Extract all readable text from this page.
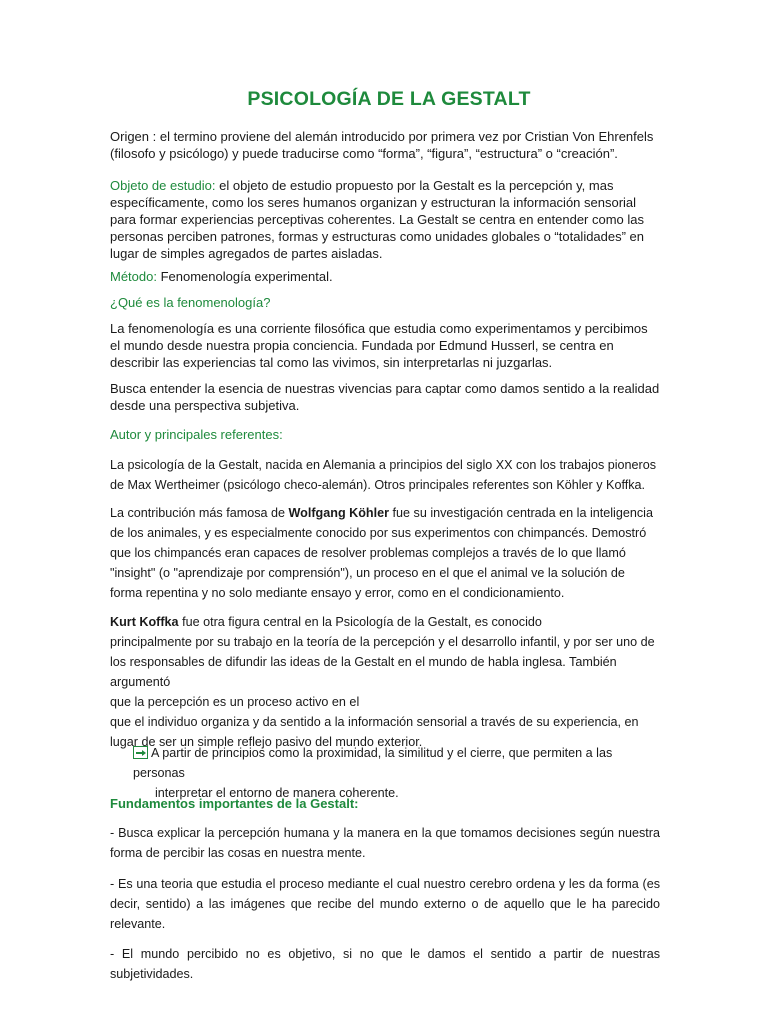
PSICOLOGÍA DE LA GESTALT

Origen : el termino proviene del alemán introducido por primera vez por Cristian Von Ehrenfels (filosofo y psicólogo) y puede traducirse como “forma”, “figura”, “estructura” o “creación”.

Objeto de estudio: el objeto de estudio propuesto por la Gestalt es la percepción y, mas específicamente, como los seres humanos organizan y estructuran la información sensorial para formar experiencias perceptivas coherentes. La Gestalt se centra en entender como las personas perciben patrones, formas y estructuras como unidades globales o “totalidades” en lugar de simples agregados de partes aisladas.

Método: Fenomenología experimental.

¿Qué es la fenomenología?

La fenomenología es una corriente filosófica que estudia como experimentamos y percibimos el mundo desde nuestra propia conciencia. Fundada por Edmund Husserl, se centra en describir las experiencias tal como las vivimos, sin interpretarlas ni juzgarlas.

Busca entender la esencia de nuestras vivencias para captar como damos sentido a la realidad desde una perspectiva subjetiva.

Autor y principales referentes:

La psicología de la Gestalt, nacida en Alemania a principios del siglo XX con los trabajos pioneros de Max Wertheimer (psicólogo checo-alemán). Otros principales referentes son Köhler y Koffka.

La contribución más famosa de Wolfgang Köhler fue su investigación centrada en la inteligencia de los animales, y es especialmente conocido por sus experimentos con chimpancés. Demostró que los chimpancés eran capaces de resolver problemas complejos a través de lo que llamó "insight" (o "aprendizaje por comprensión"), un proceso en el que el animal ve la solución de forma repentina y no solo mediante ensayo y error, como en el condicionamiento.

Kurt Koffka fue otra figura central en la Psicología de la Gestalt, es conocido
principalmente por su trabajo en la teoría de la percepción y el desarrollo infantil, y por ser uno de los responsables de difundir las ideas de la Gestalt en el mundo de habla inglesa. También argumentó
que la percepción es un proceso activo en el
que el individuo organiza y da sentido a la información sensorial a través de su experiencia, en lugar de ser un simple reflejo pasivo del mundo exterior.
A partir de principios como la proximidad, la similitud y el cierre, que permiten a las personas
interpretar el entorno de manera coherente.

Fundamentos importantes de la Gestalt:

- Busca explicar la percepción humana y la manera en la que tomamos decisiones según nuestra forma de percibir las cosas en nuestra mente.

- Es una teoria que estudia el proceso mediante el cual nuestro cerebro ordena y les da forma (es decir, sentido) a las imágenes que recibe del mundo externo o de aquello que le ha parecido relevante.

- El mundo percibido no es objetivo, si no que le damos el sentido a partir de nuestras subjetividades.
